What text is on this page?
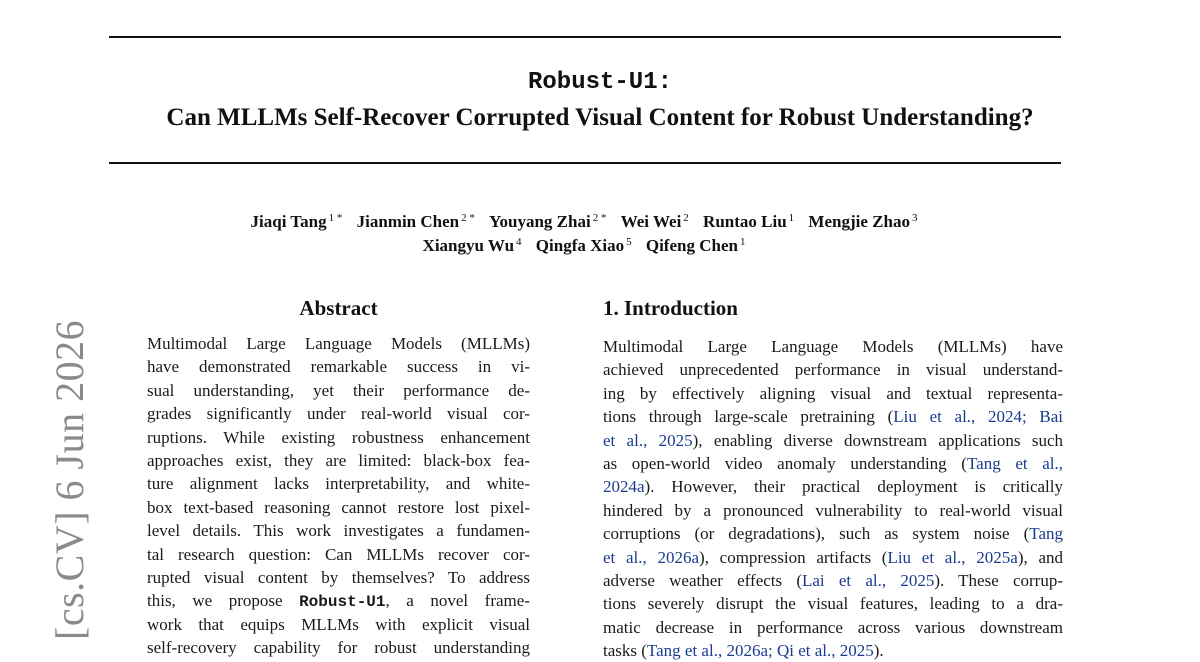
Robust-U1:
Can MLLMs Self-Recover Corrupted Visual Content for Robust Understanding?
Jiaqi Tang $^{1 *}$ Jianmin Chen $^{2 *}$ Youyang Zhai $^{2 *}$ Wei Wei $^2$ Runtao Liu $^1$ Mengjie Zhao $^3$
Xiangyu Wu $^4$ Qingfa Xiao $^5$ Qifeng Chen $^1$
[cs.CV] 6 Jun 2026
Abstract
Multimodal Large Language Models (MLLMs)
have demonstrated remarkable success in vi-
sual understanding, yet their performance de-
grades significantly under real-world visual cor-
ruptions. While existing robustness enhancement
approaches exist, they are limited: black-box fea-
ture alignment lacks interpretability, and white-
box text-based reasoning cannot restore lost pixel-
level details. This work investigates a fundamen-
tal research question: Can MLLMs recover cor-
rupted visual content by themselves? To address
this, we propose Robust-U1, a novel frame-
work that equips MLLMs with explicit visual
self-recovery capability for robust understanding
1. Introduction
Multimodal Large Language Models (MLLMs) have
achieved unprecedented performance in visual understand-
ing by effectively aligning visual and textual representa-
tions through large-scale pretraining (Liu et al., 2024; Bai
et al., 2025), enabling diverse downstream applications such
as open-world video anomaly understanding (Tang et al.,
2024a). However, their practical deployment is critically
hindered by a pronounced vulnerability to real-world visual
corruptions (or degradations), such as system noise (Tang
et al., 2026a), compression artifacts (Liu et al., 2025a), and
adverse weather effects (Lai et al., 2025). These corrup-
tions severely disrupt the visual features, leading to a dra-
matic decrease in performance across various downstream
tasks (Tang et al., 2026a; Qi et al., 2025).
